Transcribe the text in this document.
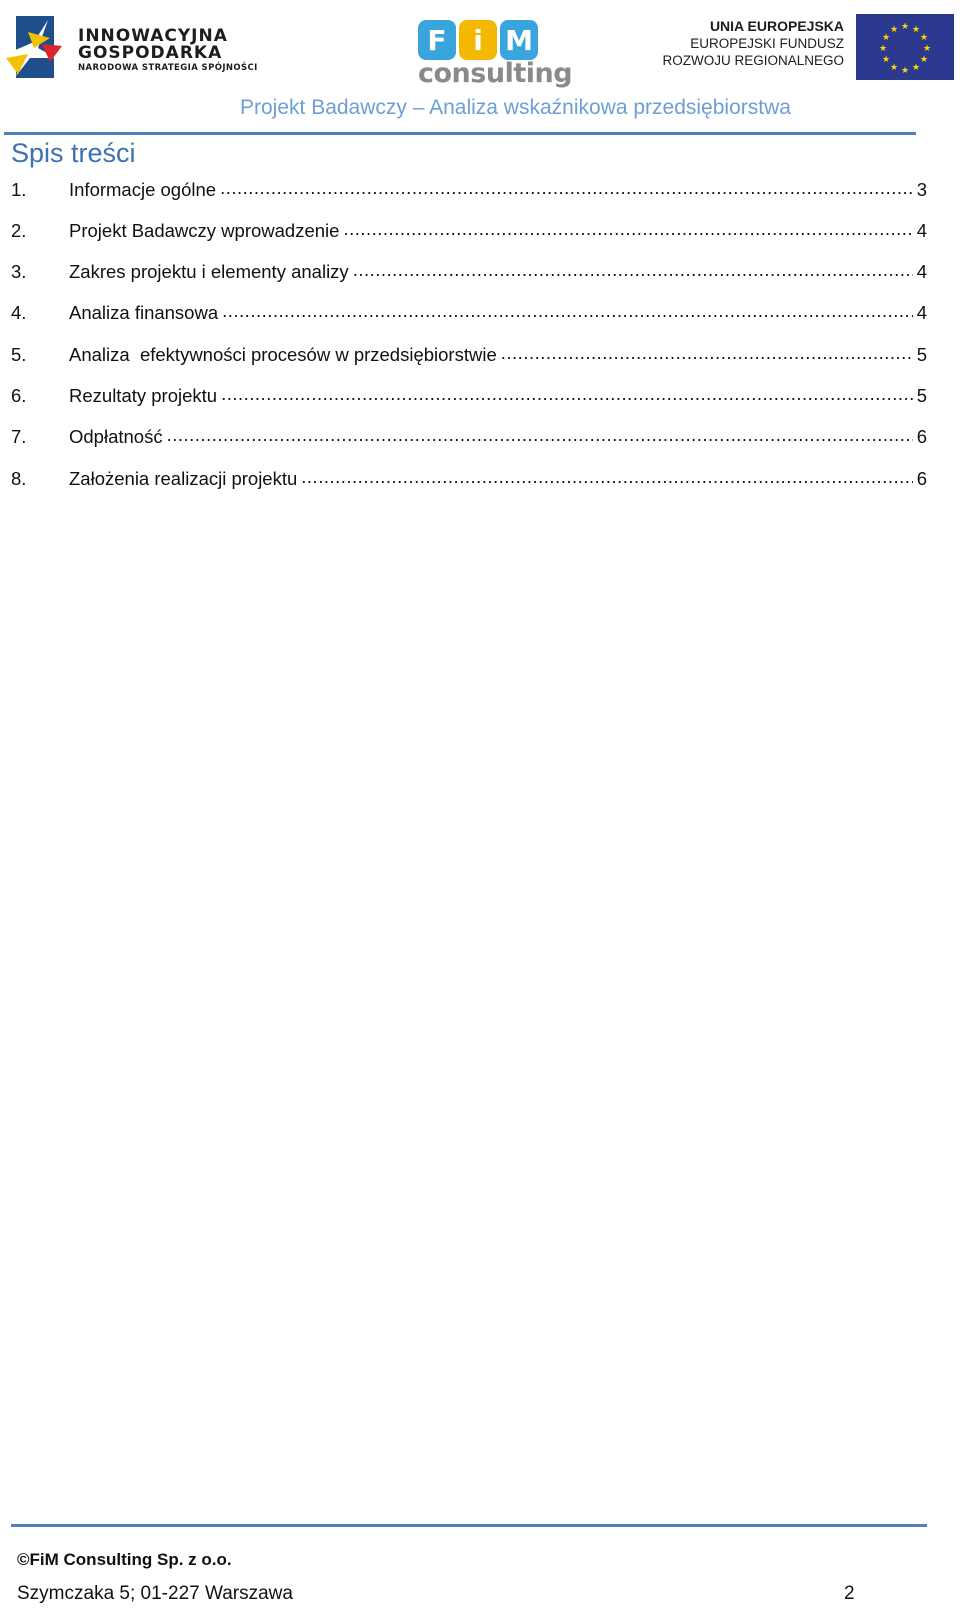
INNOWACYJNA
GOSPODARKA
NARODOWA STRATEGIA SPÓJNOŚCI
F i M
consulting
UNIA EUROPEJSKA
EUROPEJSKI FUNDUSZ
ROZWOJU REGIONALNEGO
★ ★
★
★
★
★
★
★
★
★
★
★
Projekt Badawczy – Analiza wskaźnikowa przedsiębiorstwa
Spis treści
1.	Informacje ogólne .....	3
2.	Projekt Badawczy wprowadzenie .....	4
3.	Zakres projektu i elementy analizy .....	4
4.	Analiza finansowa .....	4
5.	Analiza  efektywności procesów w przedsiębiorstwie .....	5
6.	Rezultaty projektu .....	5
7.	Odpłatność .....	6
8.	Założenia realizacji projektu .....	6
©FiM Consulting Sp. z o.o.
Szymczaka 5; 01-227 Warszawa	2
